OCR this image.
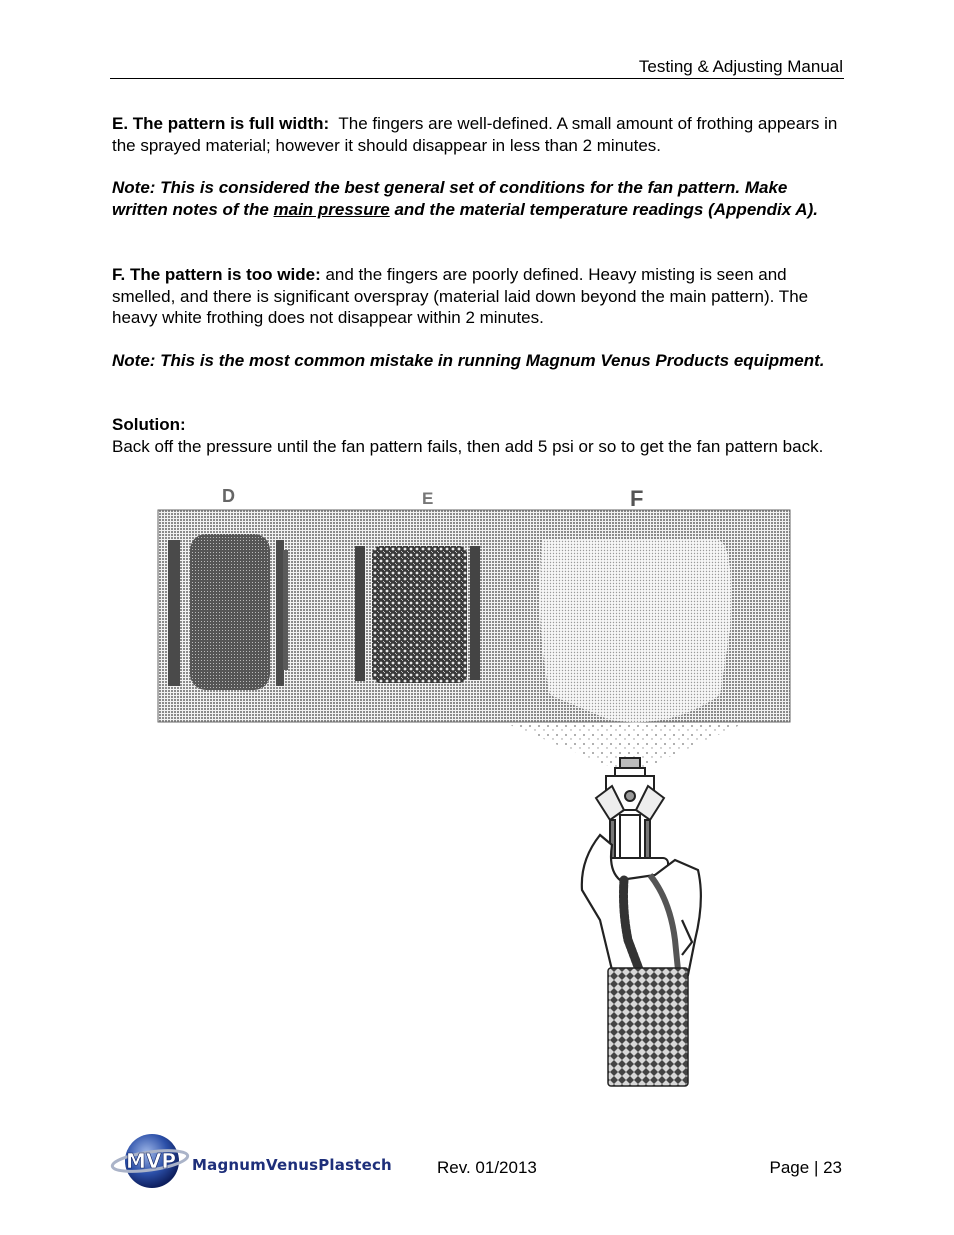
Testing & Adjusting Manual

E. The pattern is full width: The fingers are well-defined. A small amount of frothing appears in the sprayed material; however it should disappear in less than 2 minutes.

Note: This is considered the best general set of conditions for the fan pattern. Make written notes of the main pressure and the material temperature readings (Appendix A).

F. The pattern is too wide: and the fingers are poorly defined. Heavy misting is seen and smelled, and there is significant overspray (material laid down beyond the main pattern). The heavy white frothing does not disappear within 2 minutes.

Note: This is the most common mistake in running Magnum Venus Products equipment.

Solution:
Back off the pressure until the fan pattern fails, then add 5 psi or so to get the fan pattern back.

D	E	F
MVP MagnumVenusPlastech	Rev. 01/2013	Page | 23
